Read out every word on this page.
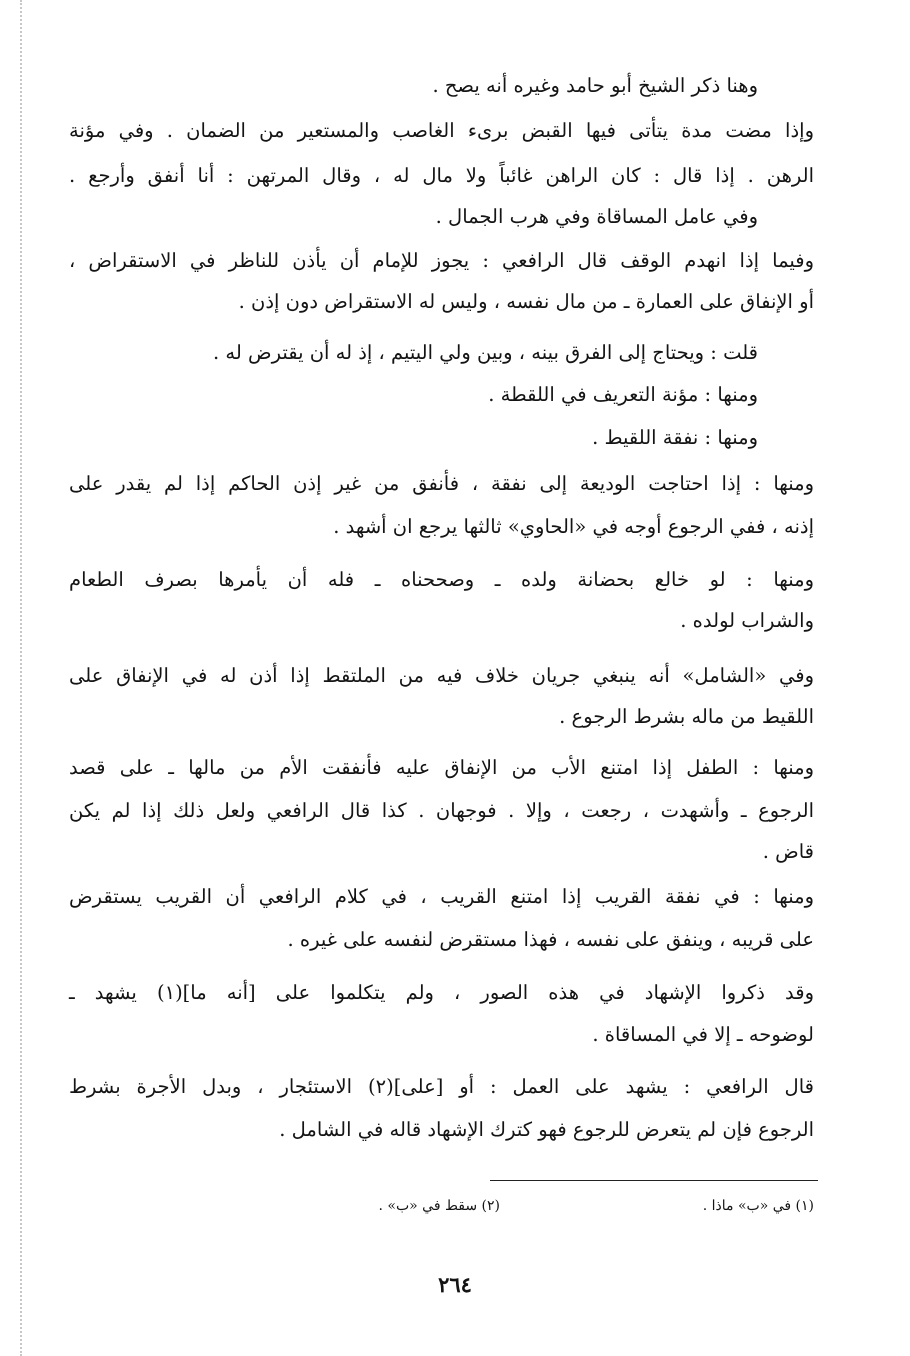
وهنا ذكر الشيخ أبو حامد وغيره أنه يصح .
وإذا مضت مدة يتأتى فيها القبض برىء الغاصب والمستعير من الضمان . وفي مؤنة
الرهن . إذا قال : كان الراهن غائباً ولا مال له ، وقال المرتهن : أنا أنفق وأرجع .
وفي عامل المساقاة وفي هرب الجمال .
وفيما إذا انهدم الوقف قال الرافعي : يجوز للإمام أن يأذن للناظر في الاستقراض ،
أو الإنفاق على العمارة ـ من مال نفسه ، وليس له الاستقراض دون إذن .
قلت : ويحتاج إلى الفرق بينه ، وبين ولي اليتيم ، إذ له أن يقترض له .
ومنها : مؤنة التعريف في اللقطة .
ومنها : نفقة اللقيط .
ومنها : إذا احتاجت الوديعة إلى نفقة ، فأنفق من غير إذن الحاكم إذا لم يقدر على
إذنه ، ففي الرجوع أوجه في «الحاوي» ثالثها يرجع ان أشهد .
ومنها : لو خالع بحضانة ولده ـ وصححناه ـ فله أن يأمرها بصرف الطعام
والشراب لولده .
وفي «الشامل» أنه ينبغي جريان خلاف فيه من الملتقط إذا أذن له في الإنفاق على
اللقيط من ماله بشرط الرجوع .
ومنها : الطفل إذا امتنع الأب من الإنفاق عليه فأنفقت الأم من مالها ـ على قصد
الرجوع ـ وأشهدت ، رجعت ، وإلا . فوجهان . كذا قال الرافعي ولعل ذلك إذا لم يكن
قاض .
ومنها : في نفقة القريب إذا امتنع القريب ، في كلام الرافعي أن القريب يستقرض
على قريبه ، وينفق على نفسه ، فهذا مستقرض لنفسه على غيره .
وقد ذكروا الإشهاد في هذه الصور ، ولم يتكلموا على [أنه ما](١) يشهد ـ
لوضوحه ـ إلا في المساقاة .
قال الرافعي : يشهد على العمل : أو [على](٢) الاستئجار ، وبدل الأجرة بشرط
الرجوع فإن لم يتعرض للرجوع فهو كترك الإشهاد قاله في الشامل .
(١) في «ب» ماذا .
(٢) سقط في «ب» .
٢٦٤
